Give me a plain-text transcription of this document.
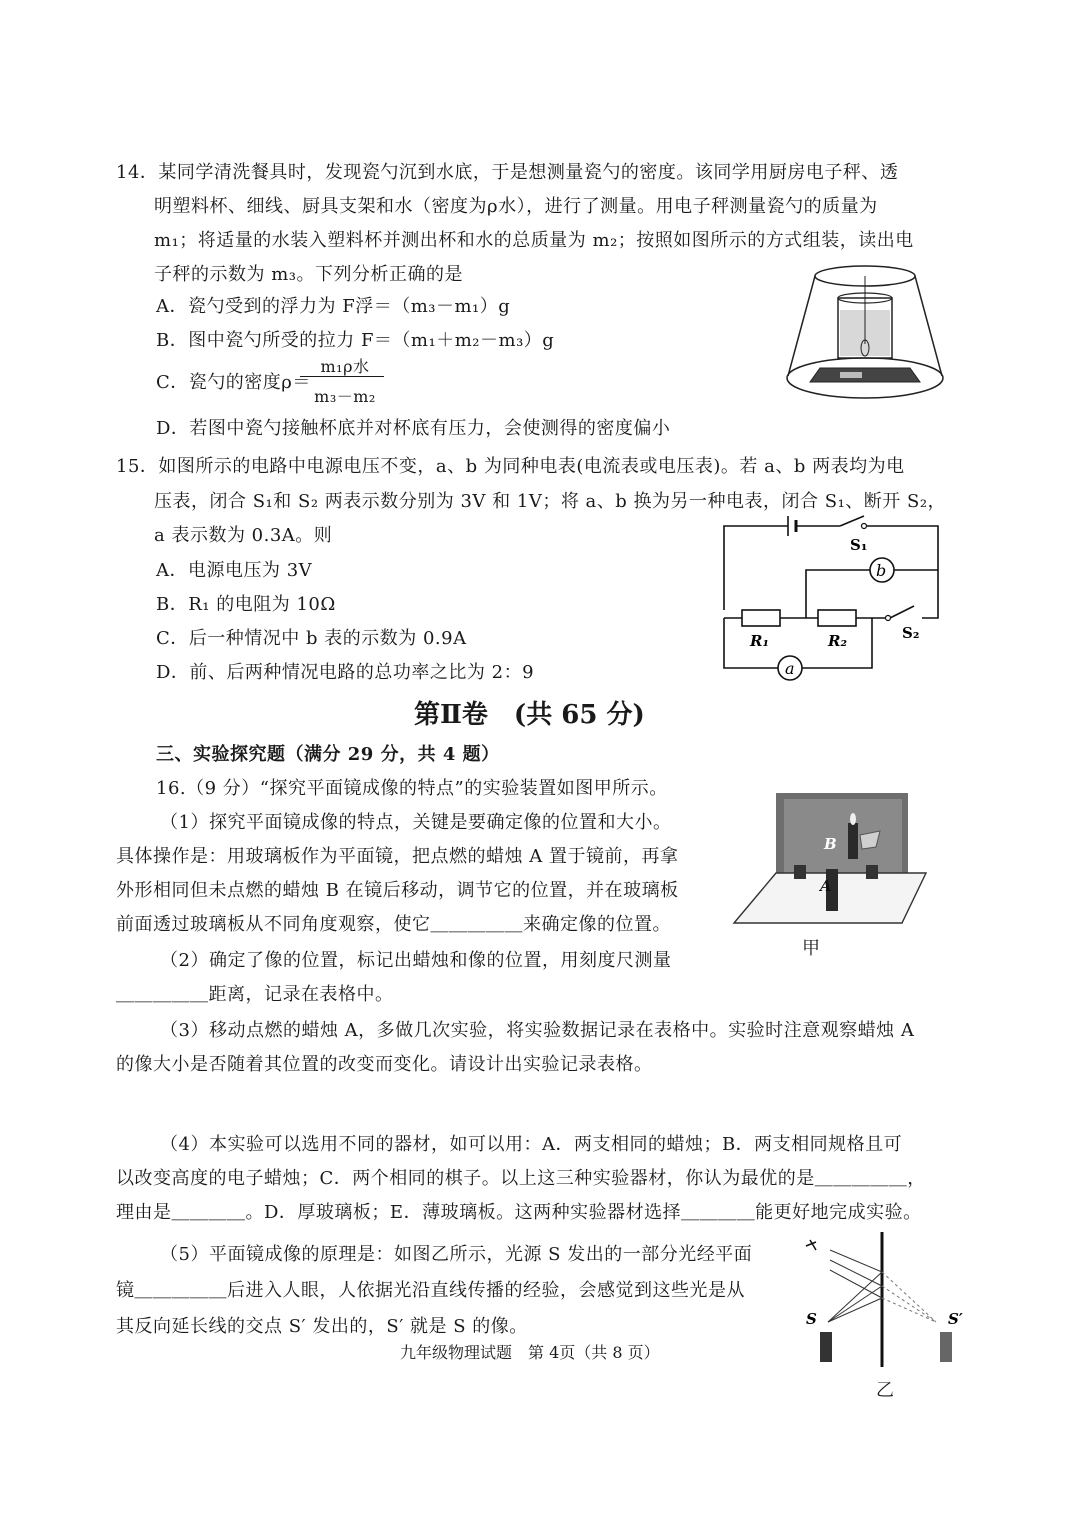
14．某同学清洗餐具时，发现瓷勺沉到水底，于是想测量瓷勺的密度。该同学用厨房电子秤、透
明塑料杯、细线、厨具支架和水（密度为ρ水），进行了测量。用电子秤测量瓷勺的质量为
m₁；将适量的水装入塑料杯并测出杯和水的总质量为 m₂；按照如图所示的方式组装，读出电
子秤的示数为 m₃。下列分析正确的是
A．瓷勺受到的浮力为 F浮＝（m₃－m₁）g
B．图中瓷勺所受的拉力 F＝（m₁＋m₂－m₃）g
C．瓷勺的密度ρ＝
m₁ρ水
m₃－m₂
D．若图中瓷勺接触杯底并对杯底有压力，会使测得的密度偏小
15．如图所示的电路中电源电压不变，a、b 为同种电表(电流表或电压表)。若 a、b 两表均为电
压表，闭合 S₁和 S₂ 两表示数分别为 3V 和 1V；将 a、b 换为另一种电表，闭合 S₁、断开 S₂，
a 表示数为 0.3A。则
A．电源电压为 3V
B．R₁ 的电阻为 10Ω
C．后一种情况中 b 表的示数为 0.9A
D．前、后两种情况电路的总功率之比为 2：9
b
a
S₁
S₂
R₁	R₂
第Ⅱ卷　(共 65 分)
三、实验探究题（满分 29 分，共 4 题）
16.（9 分）“探究平面镜成像的特点”的实验装置如图甲所示。
（1）探究平面镜成像的特点，关键是要确定像的位置和大小。
具体操作是：用玻璃板作为平面镜，把点燃的蜡烛 A 置于镜前，再拿
外形相同但未点燃的蜡烛 B 在镜后移动，调节它的位置，并在玻璃板
前面透过玻璃板从不同角度观察，使它＿＿＿＿＿来确定像的位置。
（2）确定了像的位置，标记出蜡烛和像的位置，用刻度尺测量
＿＿＿＿＿距离，记录在表格中。
（3）移动点燃的蜡烛 A，多做几次实验，将实验数据记录在表格中。实验时注意观察蜡烛 A
的像大小是否随着其位置的改变而变化。请设计出实验记录表格。
（4）本实验可以选用不同的器材，如可以用：A．两支相同的蜡烛；B．两支相同规格且可
以改变高度的电子蜡烛；C．两个相同的棋子。以上这三种实验器材，你认为最优的是＿＿＿＿＿，
理由是＿＿＿＿。D．厚玻璃板；E．薄玻璃板。这两种实验器材选择＿＿＿＿能更好地完成实验。
（5）平面镜成像的原理是：如图乙所示，光源 S 发出的一部分光经平面
镜＿＿＿＿＿后进入人眼，人依据光沿直线传播的经验，会感觉到这些光是从
其反向延长线的交点 S′ 发出的，S′ 就是 S 的像。
B
A
甲
S	S′
乙
九年级物理试题　第 4页（共 8 页）
